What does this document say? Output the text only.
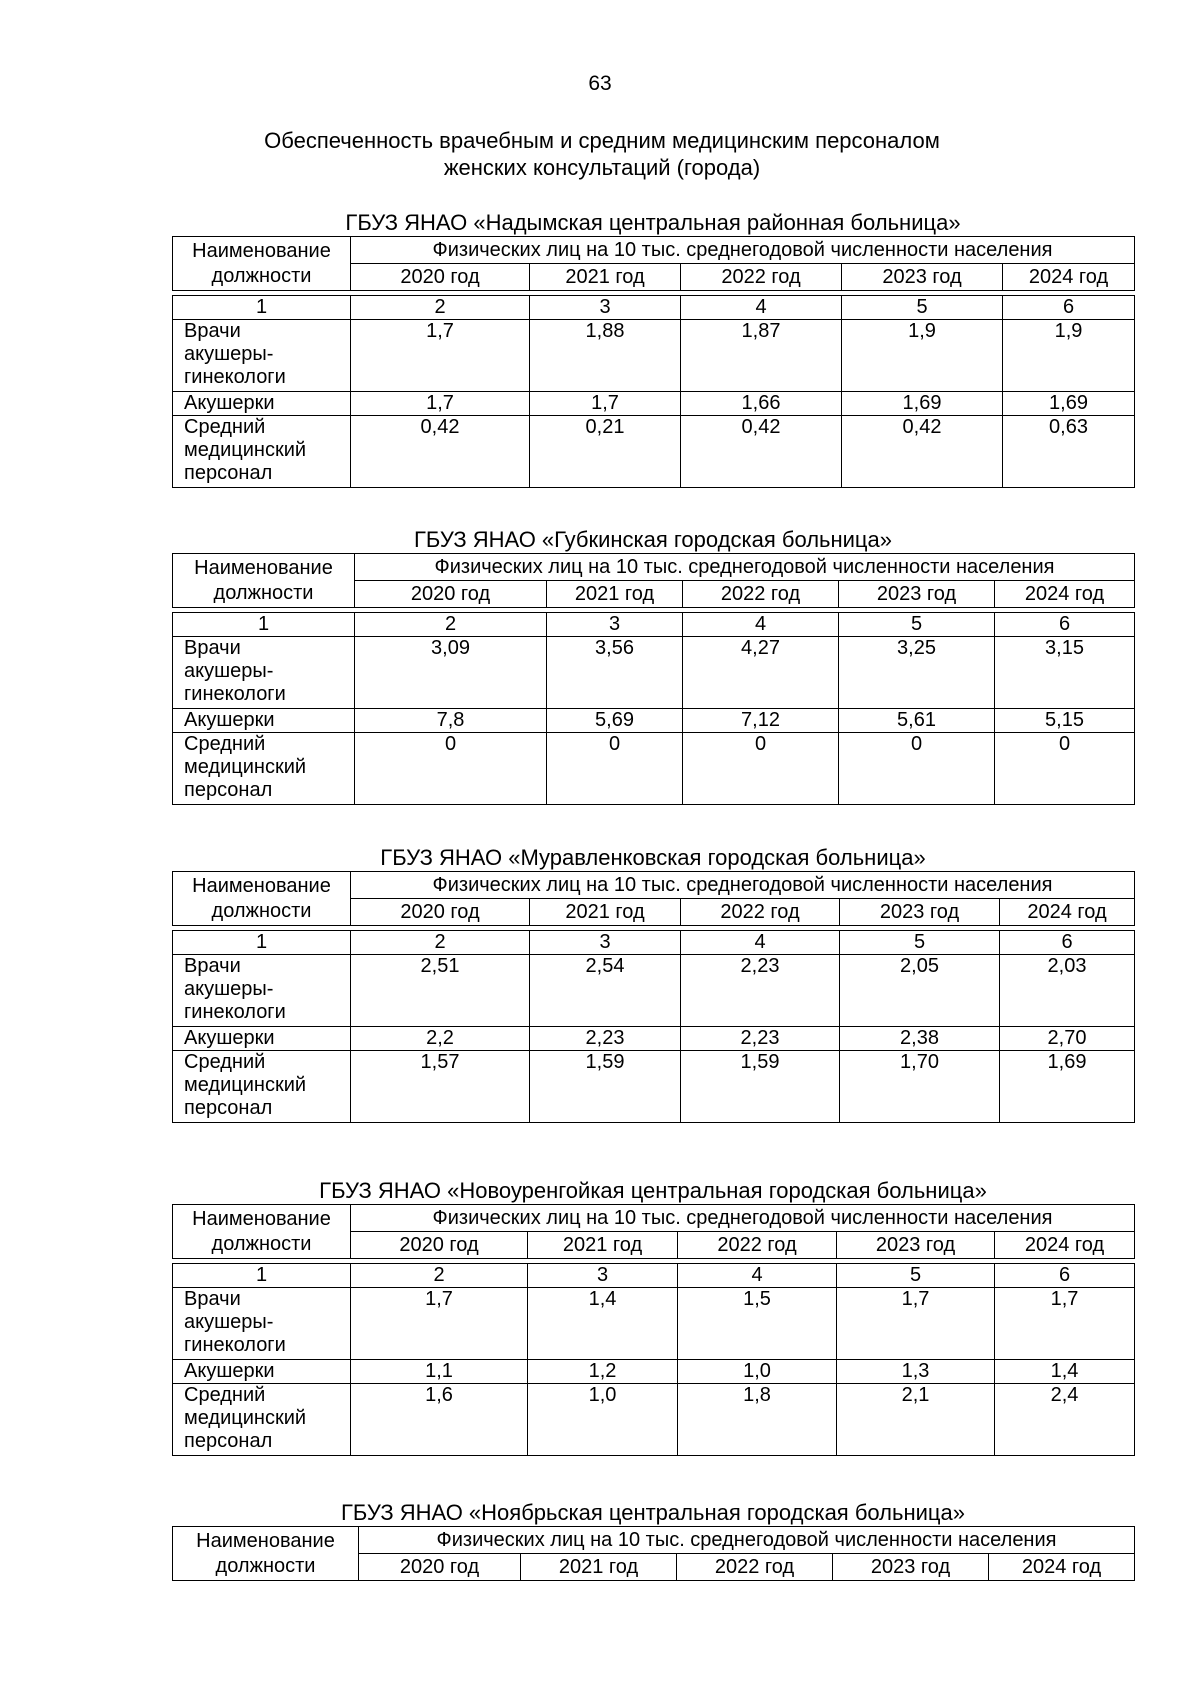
63
Обеспеченность врачебным и средним медицинским персоналом
женских консультаций (города)
ГБУЗ ЯНАО «Надымская центральная районная больница»
Наименование
должности	Физических лиц на 10 тыс. среднегодовой численности населения				
	2020 год	2021 год	2022 год	2023 год	2024 год
1	2	3	4	5	6

Врачи
акушеры-
гинекологи	1,7	1,88	1,87	1,9	1,9
Акушерки	1,7	1,7	1,66	1,69	1,69

Средний
медицинский
персонал	0,42	0,21	0,42	0,42	0,63
ГБУЗ ЯНАО «Губкинская городская больница»
Наименование
должности	Физических лиц на 10 тыс. среднегодовой численности населения				
	2020 год	2021 год	2022 год	2023 год	2024 год
1	2	3	4	5	6

Врачи
акушеры-
гинекологи	3,09	3,56	4,27	3,25	3,15
Акушерки	7,8	5,69	7,12	5,61	5,15

Средний
медицинский
персонал	0	0	0	0	0
ГБУЗ ЯНАО «Муравленковская городская больница»
Наименование
должности	Физических лиц на 10 тыс. среднегодовой численности населения				
	2020 год	2021 год	2022 год	2023 год	2024 год
1	2	3	4	5	6

Врачи
акушеры-
гинекологи	2,51	2,54	2,23	2,05	2,03
Акушерки	2,2	2,23	2,23	2,38	2,70

Средний
медицинский
персонал	1,57	1,59	1,59	1,70	1,69
ГБУЗ ЯНАО «Новоуренгойкая центральная городская больница»
Наименование
должности	Физических лиц на 10 тыс. среднегодовой численности населения				
	2020 год	2021 год	2022 год	2023 год	2024 год
1	2	3	4	5	6

Врачи
акушеры-
гинекологи	1,7	1,4	1,5	1,7	1,7
Акушерки	1,1	1,2	1,0	1,3	1,4

Средний
медицинский
персонал	1,6	1,0	1,8	2,1	2,4
ГБУЗ ЯНАО «Ноябрьская центральная городская больница»
Наименование
должности	Физических лиц на 10 тыс. среднегодовой численности населения				
	2020 год	2021 год	2022 год	2023 год	2024 год
